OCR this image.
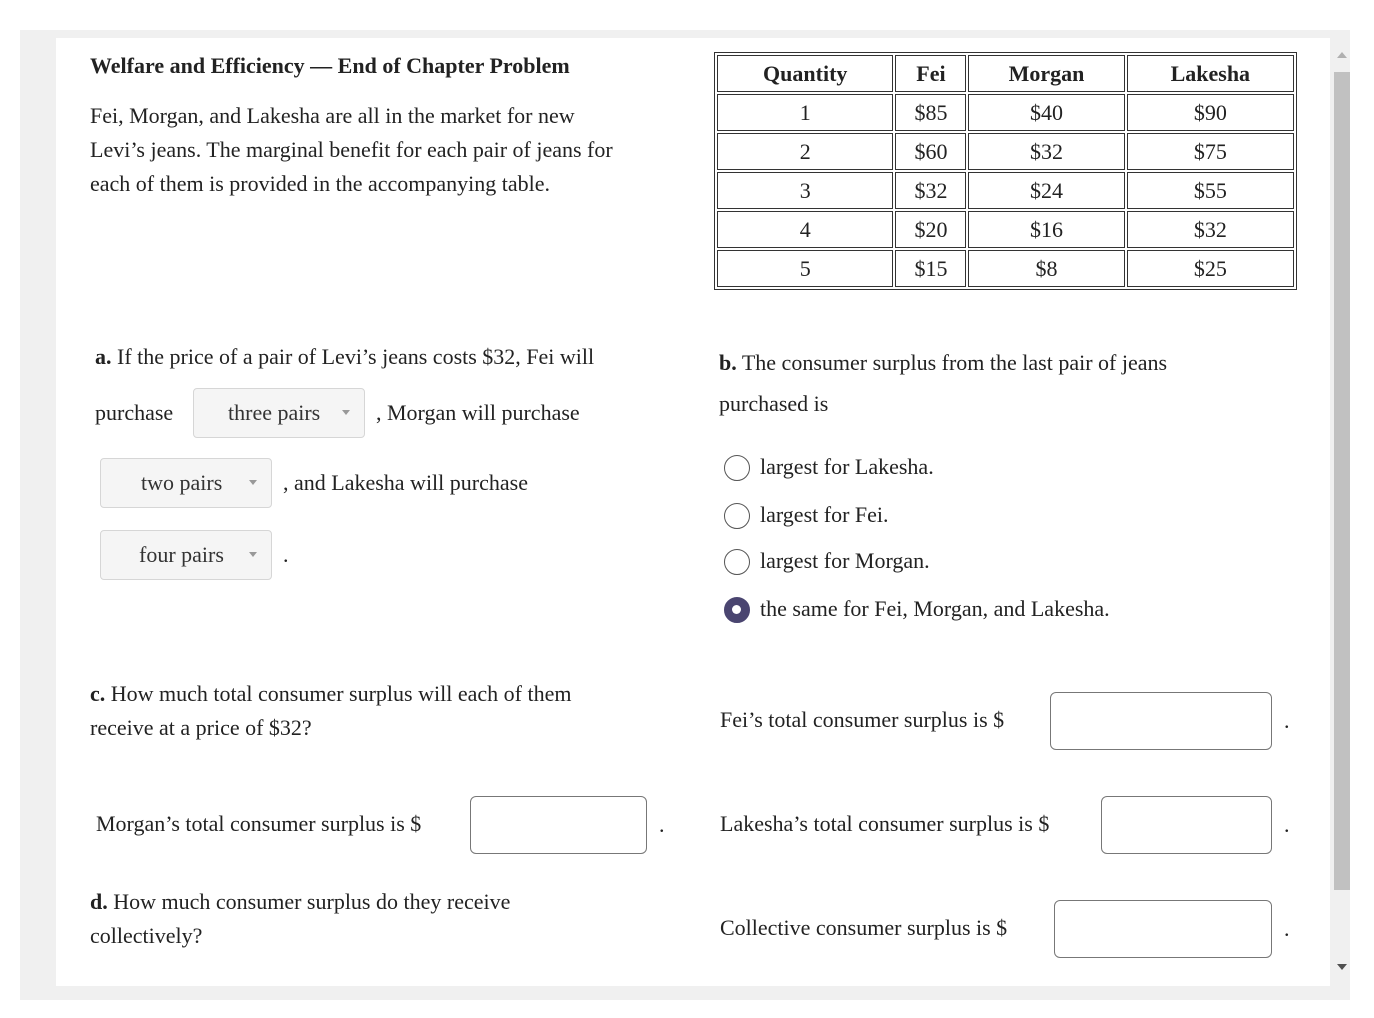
Welfare and Efficiency — End of Chapter Problem
Fei, Morgan, and Lakesha are all in the market for new
Levi’s jeans. The marginal benefit for each pair of jeans for
each of them is provided in the accompanying table.
Quantity	Fei	Morgan	Lakesha
1	$85	$40	$90
2	$60	$32	$75
3	$32	$24	$55
4	$20	$16	$32
5	$15	$8	$25
a. If the price of a pair of Levi’s jeans costs $32, Fei will
purchase three pairs	, Morgan will purchase
two pairs	, and Lakesha will purchase
four pairs	.
b. The consumer surplus from the last pair of jeans
purchased is
largest for Lakesha.
largest for Fei.
largest for Morgan.
the same for Fei, Morgan, and Lakesha.
c. How much total consumer surplus will each of them
receive at a price of $32?	Fei’s total consumer surplus is $	.
Morgan’s total consumer surplus is $	.	Lakesha’s total consumer surplus is $	.
d. How much consumer surplus do they receive
collectively?	Collective consumer surplus is $	.
